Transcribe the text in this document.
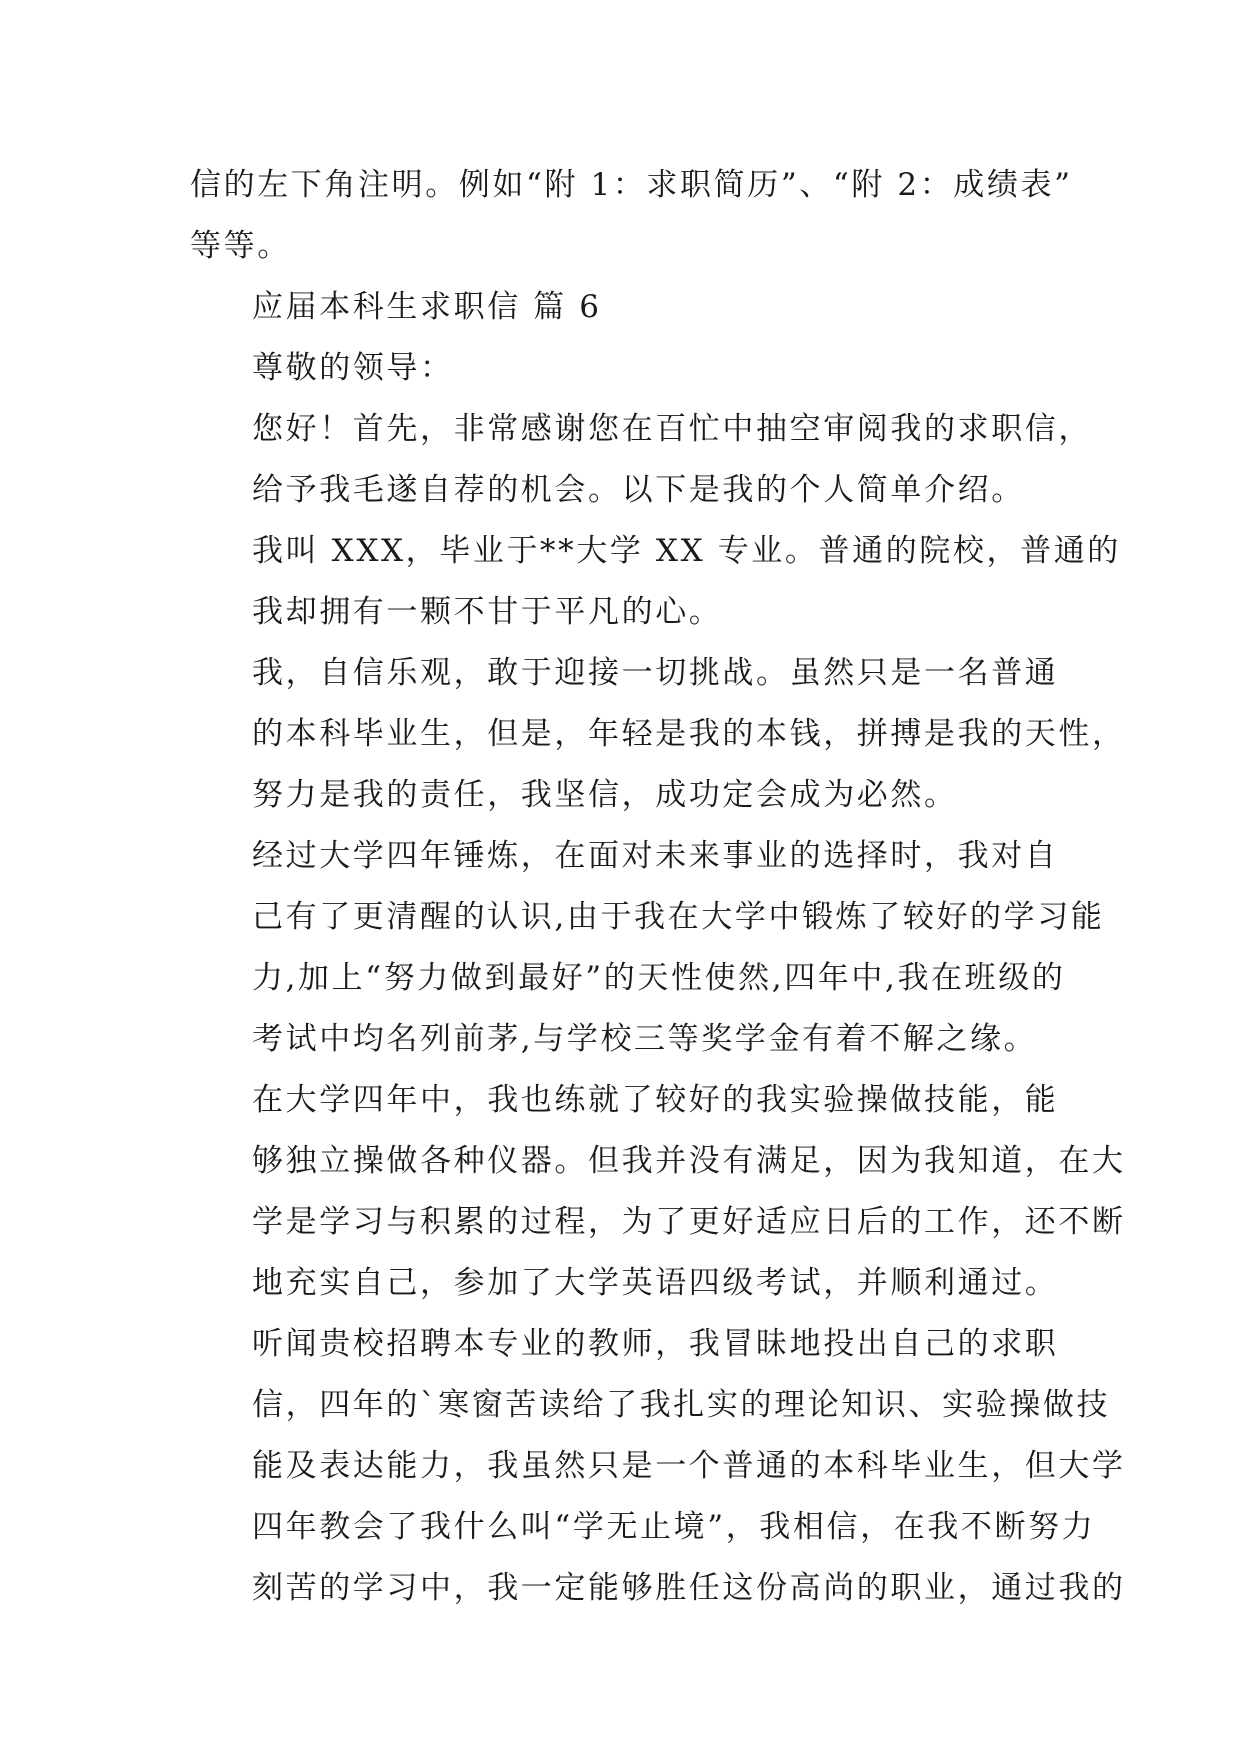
信的左下角注明。例如“附 1：求职简历”、“附 2：成绩表”
等等。

应届本科生求职信 篇 6

尊敬的领导：

您好！首先，非常感谢您在百忙中抽空审阅我的求职信，
给予我毛遂自荐的机会。以下是我的个人简单介绍。

我叫 XXX，毕业于**大学 XX 专业。普通的院校，普通的
我却拥有一颗不甘于平凡的心。

我，自信乐观，敢于迎接一切挑战。虽然只是一名普通
的本科毕业生，但是，年轻是我的本钱，拼搏是我的天性，
努力是我的责任，我坚信，成功定会成为必然。

经过大学四年锤炼，在面对未来事业的选择时，我对自
己有了更清醒的认识,由于我在大学中锻炼了较好的学习能
力,加上“努力做到最好”的天性使然,四年中,我在班级的
考试中均名列前茅,与学校三等奖学金有着不解之缘。

在大学四年中，我也练就了较好的我实验操做技能，能
够独立操做各种仪器。但我并没有满足，因为我知道，在大
学是学习与积累的过程，为了更好适应日后的工作，还不断
地充实自己，参加了大学英语四级考试，并顺利通过。

听闻贵校招聘本专业的教师，我冒昧地投出自己的求职
信，四年的`寒窗苦读给了我扎实的理论知识、实验操做技
能及表达能力，我虽然只是一个普通的本科毕业生，但大学
四年教会了我什么叫“学无止境”，我相信，在我不断努力
刻苦的学习中，我一定能够胜任这份高尚的职业，通过我的
